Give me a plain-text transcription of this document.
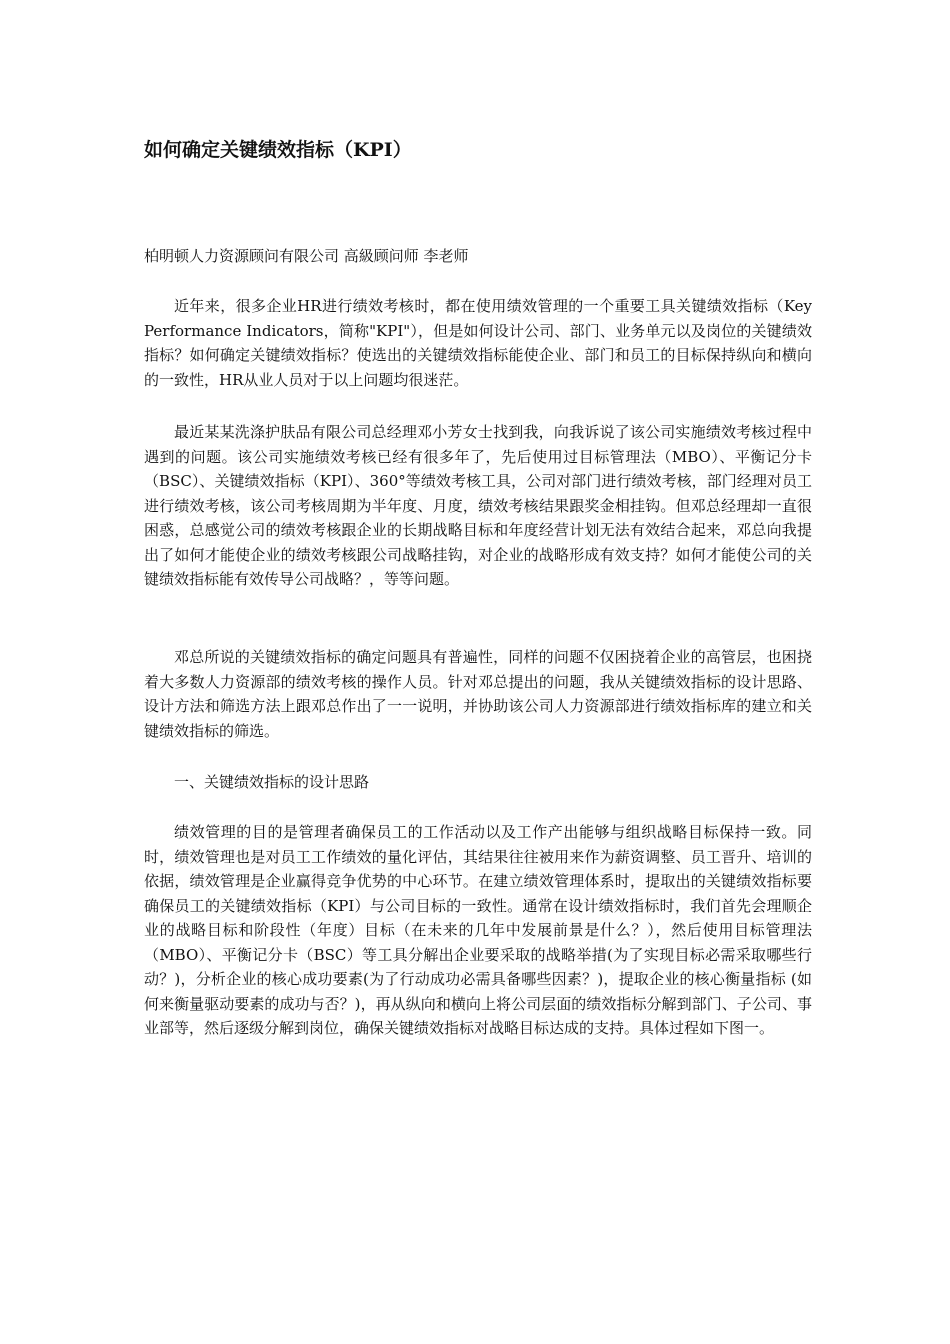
如何确定关键绩效指标（KPI）

柏明顿人力资源顾问有限公司 高級顾问师 李老师

近年来，很多企业HR进行绩效考核时，都在使用绩效管理的一个重要工具关键绩效指标（Key Performance Indicators，简称"KPI"），但是如何设计公司、部门、业务单元以及岗位的关键绩效指标？如何确定关键绩效指标？使选出的关键绩效指标能使企业、部门和员工的目标保持纵向和横向的一致性，HR从业人员对于以上问题均很迷茫。

最近某某洗涤护肤品有限公司总经理邓小芳女士找到我，向我诉说了该公司实施绩效考核过程中遇到的问题。该公司实施绩效考核已经有很多年了，先后使用过目标管理法（MBO）、平衡记分卡（BSC）、关键绩效指标（KPI）、360°等绩效考核工具，公司对部门进行绩效考核，部门经理对员工进行绩效考核，该公司考核周期为半年度、月度，绩效考核结果跟奖金相挂钩。但邓总经理却一直很困惑，总感觉公司的绩效考核跟企业的长期战略目标和年度经营计划无法有效结合起来，邓总向我提出了如何才能使企业的绩效考核跟公司战略挂钩，对企业的战略形成有效支持？如何才能使公司的关键绩效指标能有效传导公司战略？，等等问题。

邓总所说的关键绩效指标的确定问题具有普遍性，同样的问题不仅困挠着企业的高管层，也困挠着大多数人力资源部的绩效考核的操作人员。针对邓总提出的问题，我从关键绩效指标的设计思路、设计方法和筛选方法上跟邓总作出了一一说明，并协助该公司人力资源部进行绩效指标库的建立和关键绩效指标的筛选。

一、关键绩效指标的设计思路

绩效管理的目的是管理者确保员工的工作活动以及工作产出能够与组织战略目标保持一致。同时，绩效管理也是对员工工作绩效的量化评估，其结果往往被用来作为薪资调整、员工晋升、培训的依据，绩效管理是企业赢得竞争优势的中心环节。在建立绩效管理体系时，提取出的关键绩效指标要确保员工的关键绩效指标（KPI）与公司目标的一致性。通常在设计绩效指标时，我们首先会理顺企业的战略目标和阶段性（年度）目标（在未来的几年中发展前景是什么？），然后使用目标管理法（MBO）、平衡记分卡（BSC）等工具分解出企业要采取的战略举措(为了实现目标必需采取哪些行动？)，分析企业的核心成功要素(为了行动成功必需具备哪些因素？)，提取企业的核心衡量指标 (如何来衡量驱动要素的成功与否？)，再从纵向和横向上将公司层面的绩效指标分解到部门、子公司、事业部等，然后逐级分解到岗位，确保关键绩效指标对战略目标达成的支持。具体过程如下图一。
